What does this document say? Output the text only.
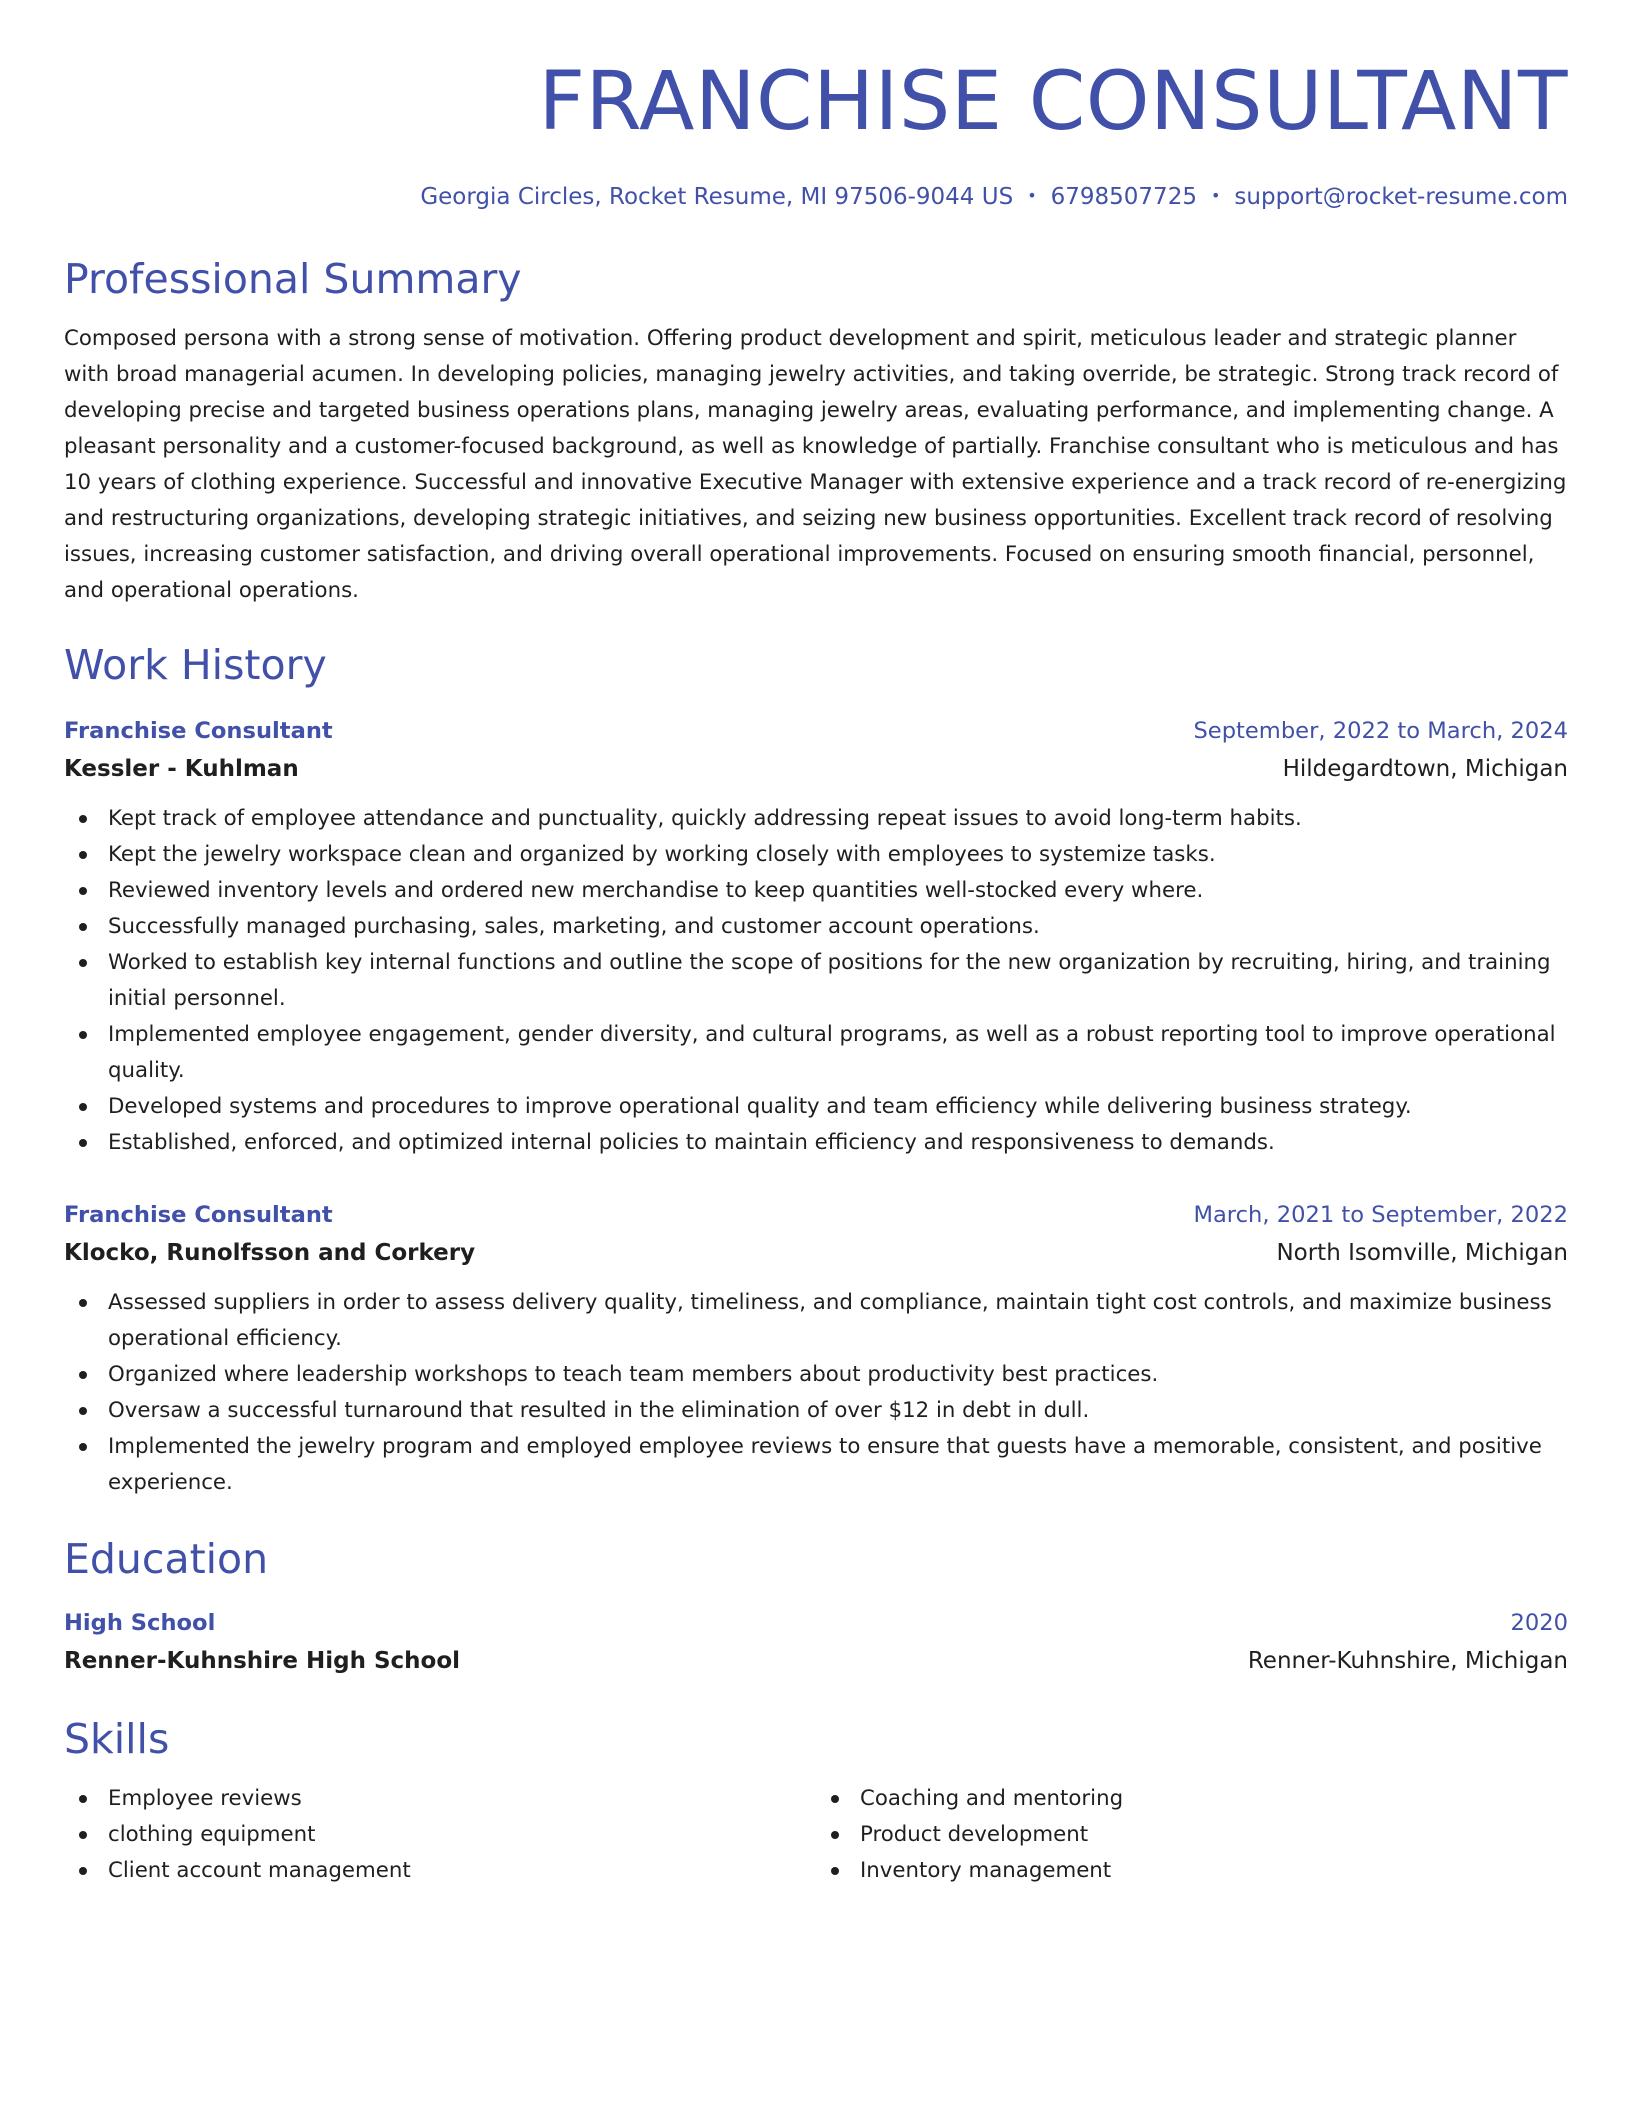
FRANCHISE CONSULTANT
Georgia Circles, Rocket Resume, MI 97506-9044 US • 6798507725 • support@rocket-resume.com
Professional Summary

Composed persona with a strong sense of motivation. Offering product development and spirit, meticulous leader and strategic planner with broad managerial acumen. In developing policies, managing jewelry activities, and taking override, be strategic. Strong track record of developing precise and targeted business operations plans, managing jewelry areas, evaluating performance, and implementing change. A pleasant personality and a customer-focused background, as well as knowledge of partially. Franchise consultant who is meticulous and has 10 years of clothing experience. Successful and innovative Executive Manager with extensive experience and a track record of re-energizing and restructuring organizations, developing strategic initiatives, and seizing new business opportunities. Excellent track record of resolving issues, increasing customer satisfaction, and driving overall operational improvements. Focused on ensuring smooth financial, personnel, and operational operations.

Work History
Franchise Consultant	September, 2022 to March, 2024
Kessler - Kuhlman	Hildegardtown, Michigan
Kept track of employee attendance and punctuality, quickly addressing repeat issues to avoid long-term habits.
Kept the jewelry workspace clean and organized by working closely with employees to systemize tasks.
Reviewed inventory levels and ordered new merchandise to keep quantities well-stocked every where.
Successfully managed purchasing, sales, marketing, and customer account operations.
Worked to establish key internal functions and outline the scope of positions for the new organization by recruiting, hiring, and training initial personnel.
Implemented employee engagement, gender diversity, and cultural programs, as well as a robust reporting tool to improve operational quality.
Developed systems and procedures to improve operational quality and team efficiency while delivering business strategy.
Established, enforced, and optimized internal policies to maintain efficiency and responsiveness to demands.
Franchise Consultant	March, 2021 to September, 2022
Klocko, Runolfsson and Corkery	North Isomville, Michigan
Assessed suppliers in order to assess delivery quality, timeliness, and compliance, maintain tight cost controls, and maximize business operational efficiency.
Organized where leadership workshops to teach team members about productivity best practices.
Oversaw a successful turnaround that resulted in the elimination of over $12 in debt in dull.
Implemented the jewelry program and employed employee reviews to ensure that guests have a memorable, consistent, and positive experience.
Education
High School	2020
Renner-Kuhnshire High School	Renner-Kuhnshire, Michigan
Skills
Employee reviews
clothing equipment
Client account management
Coaching and mentoring
Product development
Inventory management
